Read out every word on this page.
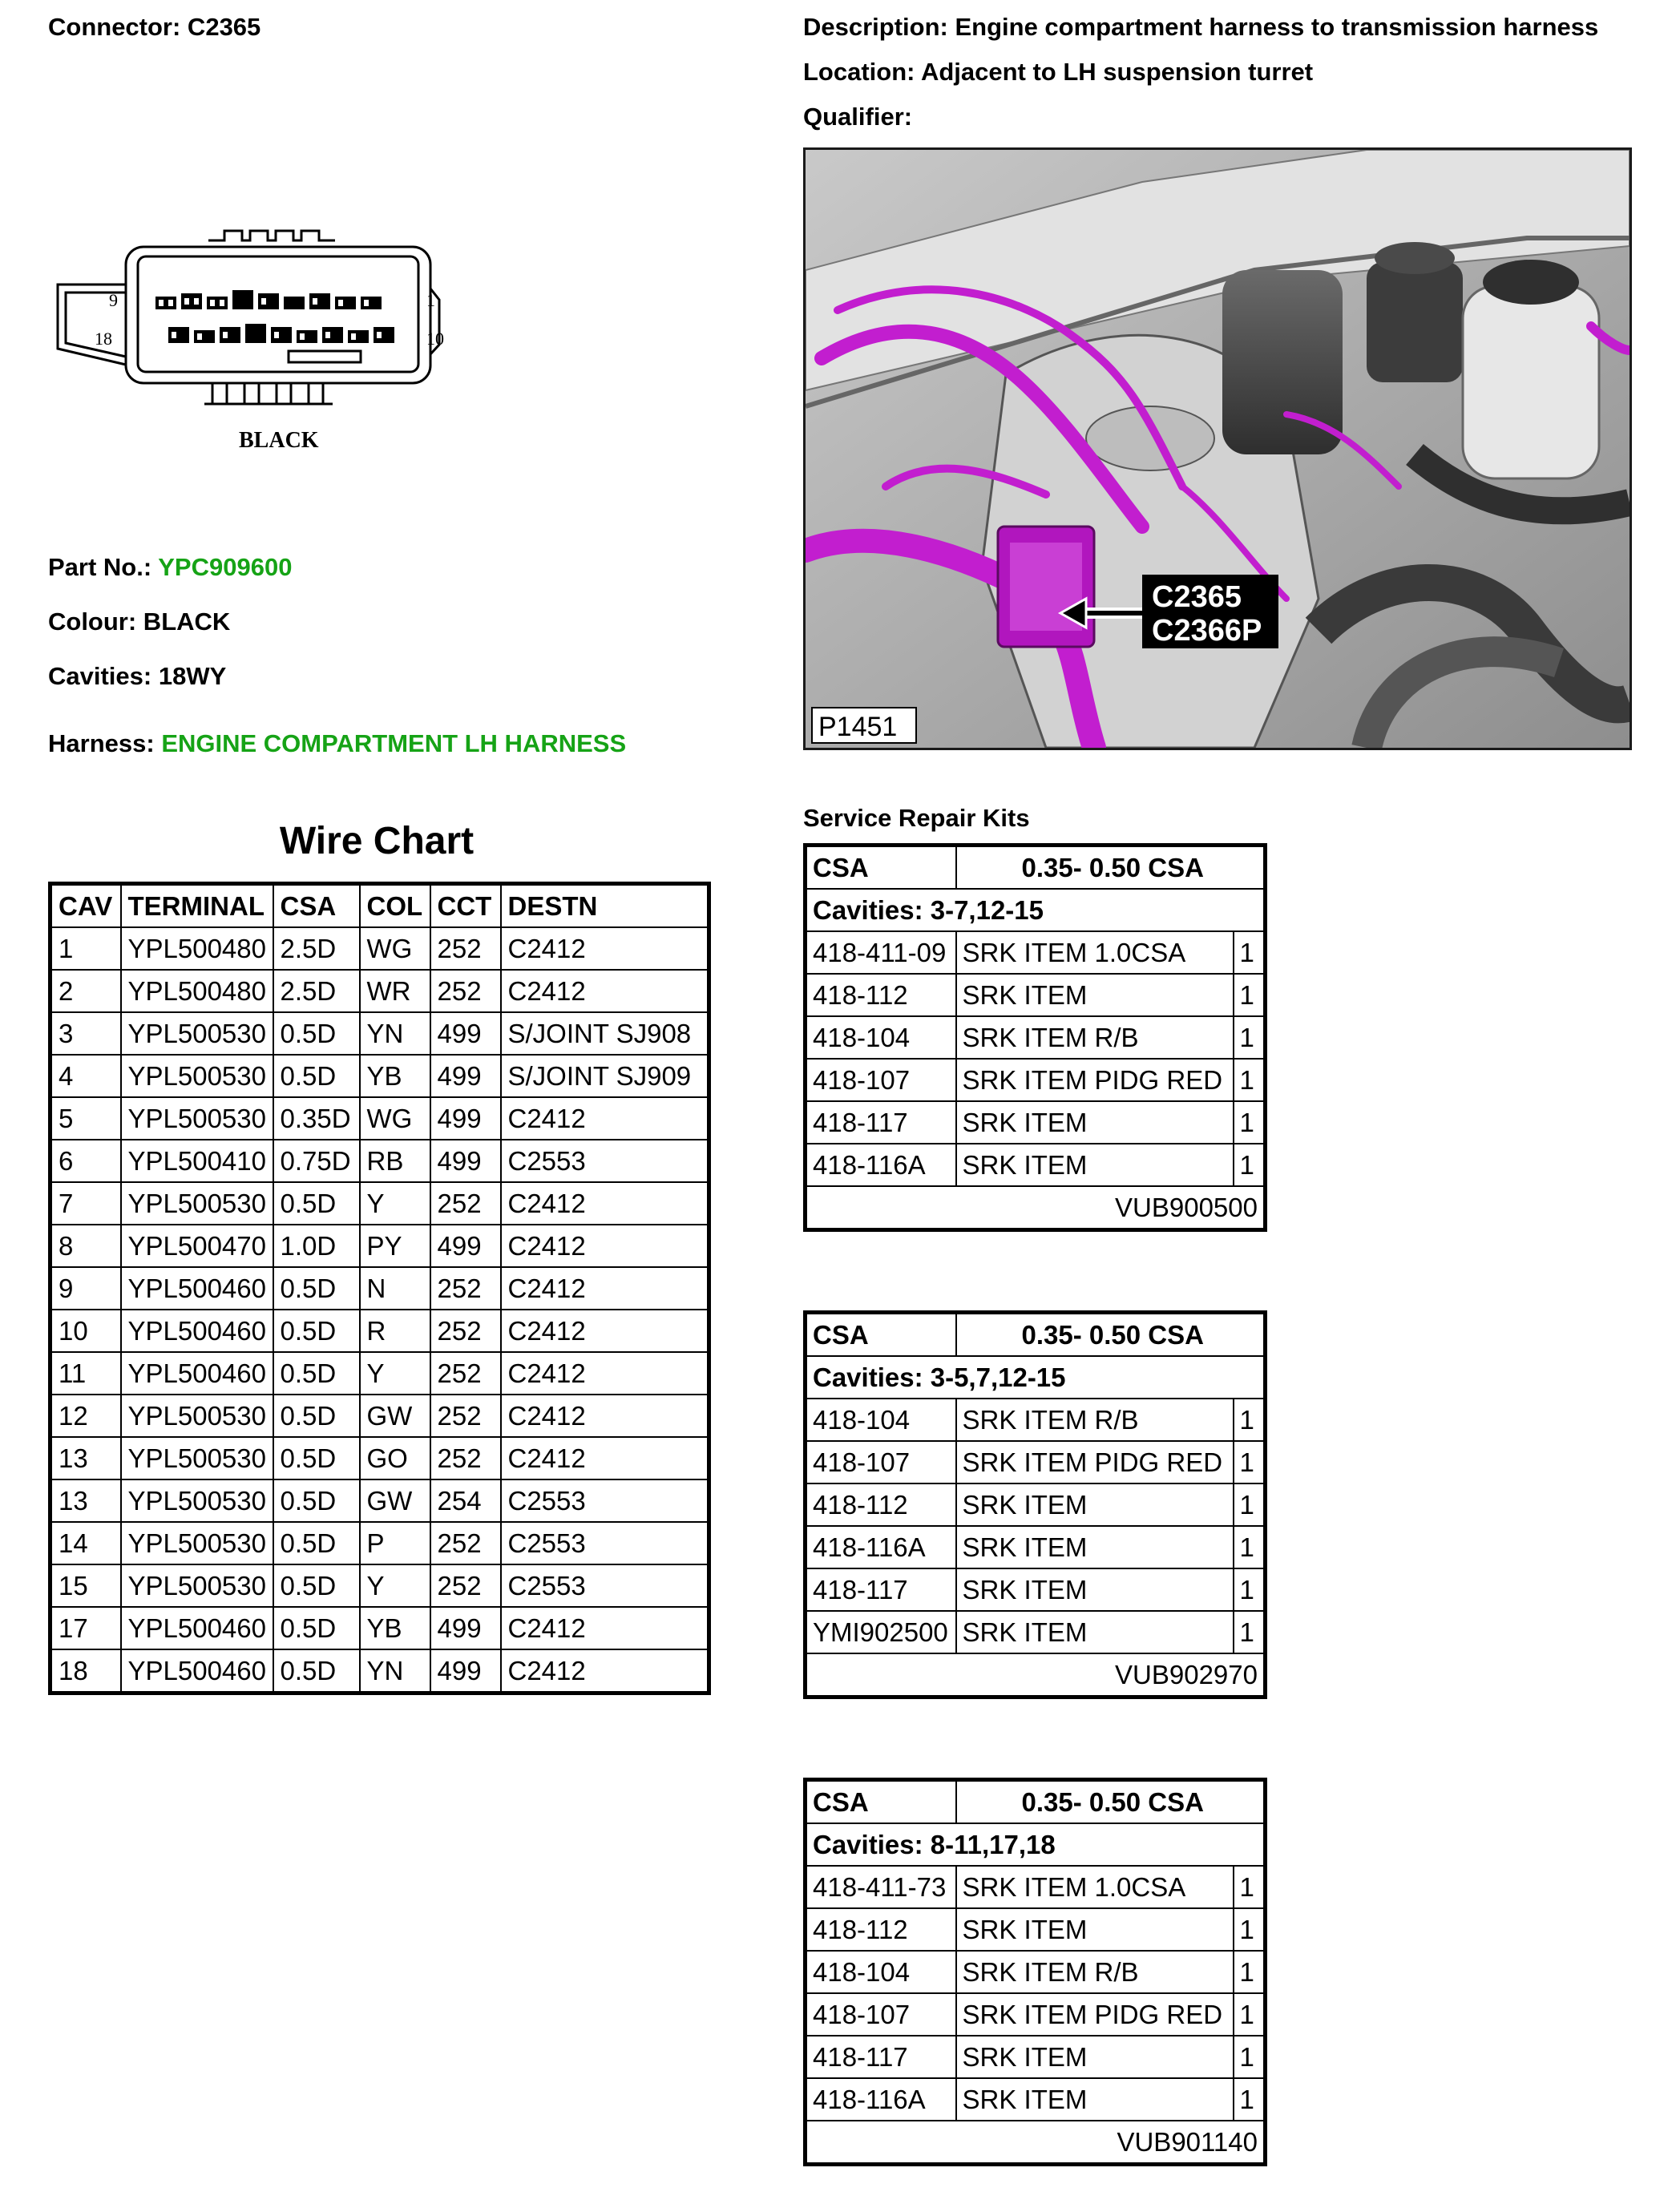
Connector: C2365	Description: Engine compartment harness to transmission harness
Location: Adjacent to LH suspension turret
Qualifier:
9
18
1
10
BLACK
Part No.: YPC909600
Colour: BLACK
Cavities: 18WY
Harness: ENGINE COMPARTMENT LH HARNESS
C2365
C2366P
P1451
Wire Chart
CAV	TERMINAL	CSA	COL	CCT	DESTN
1	YPL500480	2.5D	WG	252	C2412
2	YPL500480	2.5D	WR	252	C2412
3	YPL500530	0.5D	YN	499	S/JOINT SJ908
4	YPL500530	0.5D	YB	499	S/JOINT SJ909
5	YPL500530	0.35D	WG	499	C2412
6	YPL500410	0.75D	RB	499	C2553
7	YPL500530	0.5D	Y	252	C2412
8	YPL500470	1.0D	PY	499	C2412
9	YPL500460	0.5D	N	252	C2412
10	YPL500460	0.5D	R	252	C2412
11	YPL500460	0.5D	Y	252	C2412
12	YPL500530	0.5D	GW	252	C2412
13	YPL500530	0.5D	GO	252	C2412
13	YPL500530	0.5D	GW	254	C2553
14	YPL500530	0.5D	P	252	C2553
15	YPL500530	0.5D	Y	252	C2553
17	YPL500460	0.5D	YB	499	C2412
18	YPL500460	0.5D	YN	499	C2412
Service Repair Kits
CSA	0.35- 0.50 CSA	
Cavities: 3-7,12-15		
418-411-09	SRK ITEM 1.0CSA	1
418-112	SRK ITEM	1
418-104	SRK ITEM R/B	1
418-107	SRK ITEM PIDG RED	1
418-117	SRK ITEM	1
418-116A	SRK ITEM	1
VUB900500		
CSA	0.35- 0.50 CSA	
Cavities: 3-5,7,12-15		
418-104	SRK ITEM R/B	1
418-107	SRK ITEM PIDG RED	1
418-112	SRK ITEM	1
418-116A	SRK ITEM	1
418-117	SRK ITEM	1
YMI902500	SRK ITEM	1
VUB902970		
CSA	0.35- 0.50 CSA	
Cavities: 8-11,17,18		
418-411-73	SRK ITEM 1.0CSA	1
418-112	SRK ITEM	1
418-104	SRK ITEM R/B	1
418-107	SRK ITEM PIDG RED	1
418-117	SRK ITEM	1
418-116A	SRK ITEM	1
VUB901140		
